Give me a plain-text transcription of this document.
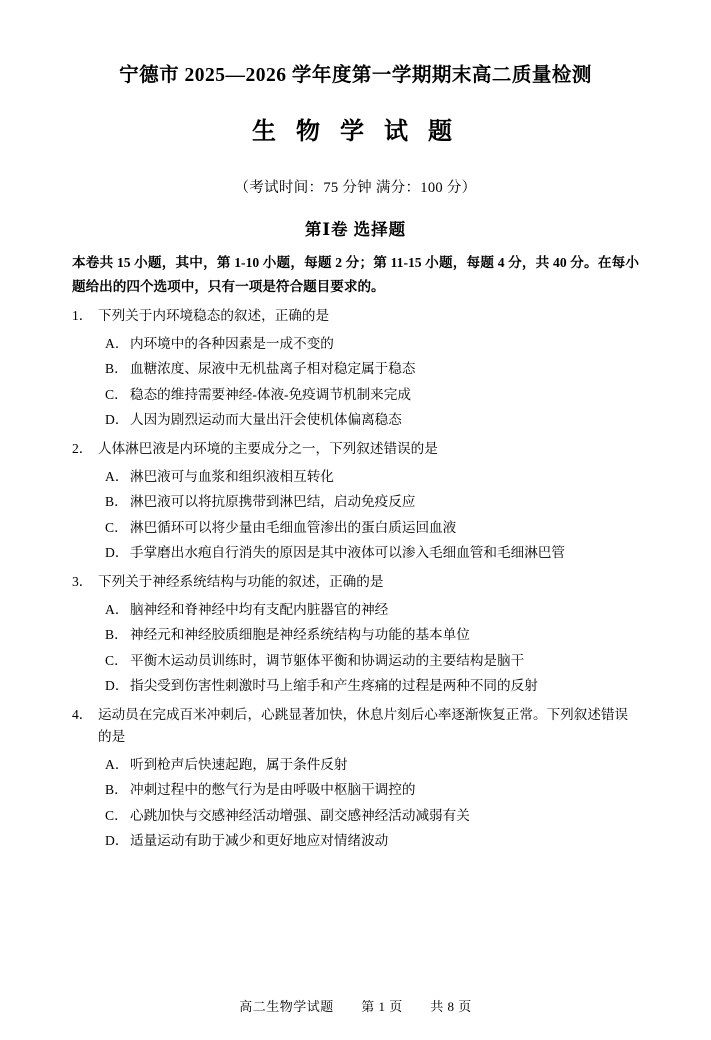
宁德市 2025—2026 学年度第一学期期末高二质量检测
生 物 学 试 题
（考试时间：75 分钟 满分：100 分）
第Ⅰ卷 选择题
本卷共 15 小题，其中，第 1-10 小题，每题 2 分；第 11-15 小题，每题 4 分，共 40 分。在每小题给出的四个选项中，只有一项是符合题目要求的。
1． 下列关于内环境稳态的叙述，正确的是
A． 内环境中的各种因素是一成不变的
B． 血糖浓度、尿液中无机盐离子相对稳定属于稳态
C． 稳态的维持需要神经-体液-免疫调节机制来完成
D． 人因为剧烈运动而大量出汗会使机体偏离稳态
2． 人体淋巴液是内环境的主要成分之一，下列叙述错误的是
A． 淋巴液可与血浆和组织液相互转化
B． 淋巴液可以将抗原携带到淋巴结，启动免疫反应
C． 淋巴循环可以将少量由毛细血管渗出的蛋白质运回血液
D． 手掌磨出水疱自行消失的原因是其中液体可以渗入毛细血管和毛细淋巴管
3． 下列关于神经系统结构与功能的叙述，正确的是
A． 脑神经和脊神经中均有支配内脏器官的神经
B． 神经元和神经胶质细胞是神经系统结构与功能的基本单位
C． 平衡木运动员训练时，调节躯体平衡和协调运动的主要结构是脑干
D． 指尖受到伤害性刺激时马上缩手和产生疼痛的过程是两种不同的反射
4． 运动员在完成百米冲刺后，心跳显著加快，休息片刻后心率逐渐恢复正常。下列叙述错误的是
A． 听到枪声后快速起跑，属于条件反射
B． 冲刺过程中的憋气行为是由呼吸中枢脑干调控的
C． 心跳加快与交感神经活动增强、副交感神经活动减弱有关
D． 适量运动有助于减少和更好地应对情绪波动
高二生物学试题 第 1 页 共 8 页
